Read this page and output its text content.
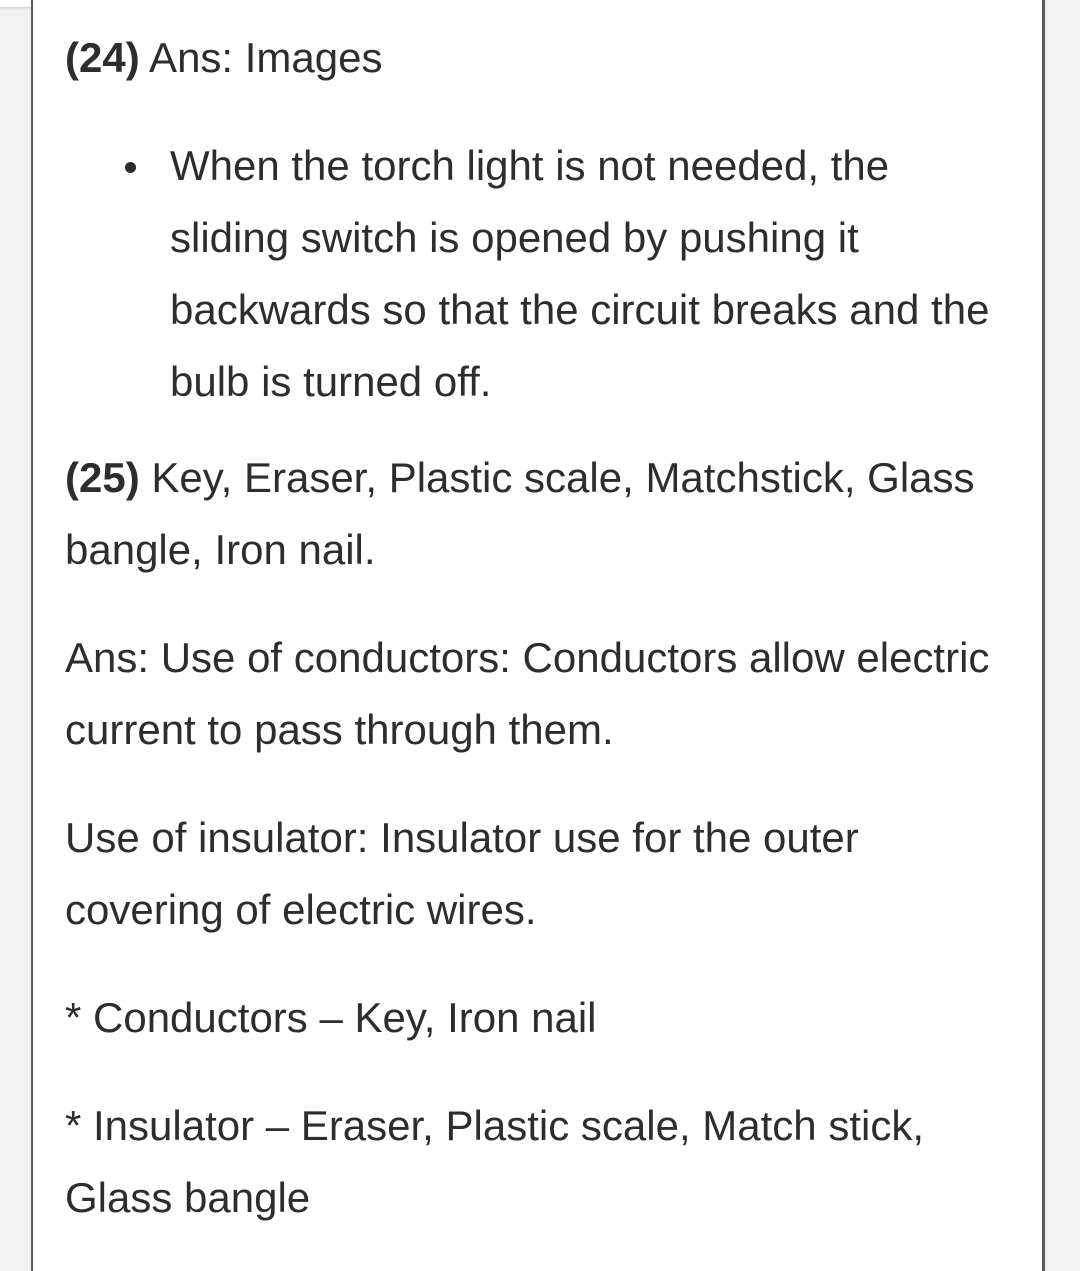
(24) Ans: Images

When the torch light is not needed, the sliding switch is opened by pushing it backwards so that the circuit breaks and the bulb is turned off.

(25) Key, Eraser, Plastic scale, Matchstick, Glass bangle, Iron nail.

Ans: Use of conductors: Conductors allow electric current to pass through them.

Use of insulator: Insulator use for the outer covering of electric wires.

* Conductors – Key, Iron nail

* Insulator – Eraser, Plastic scale, Match stick, Glass bangle
